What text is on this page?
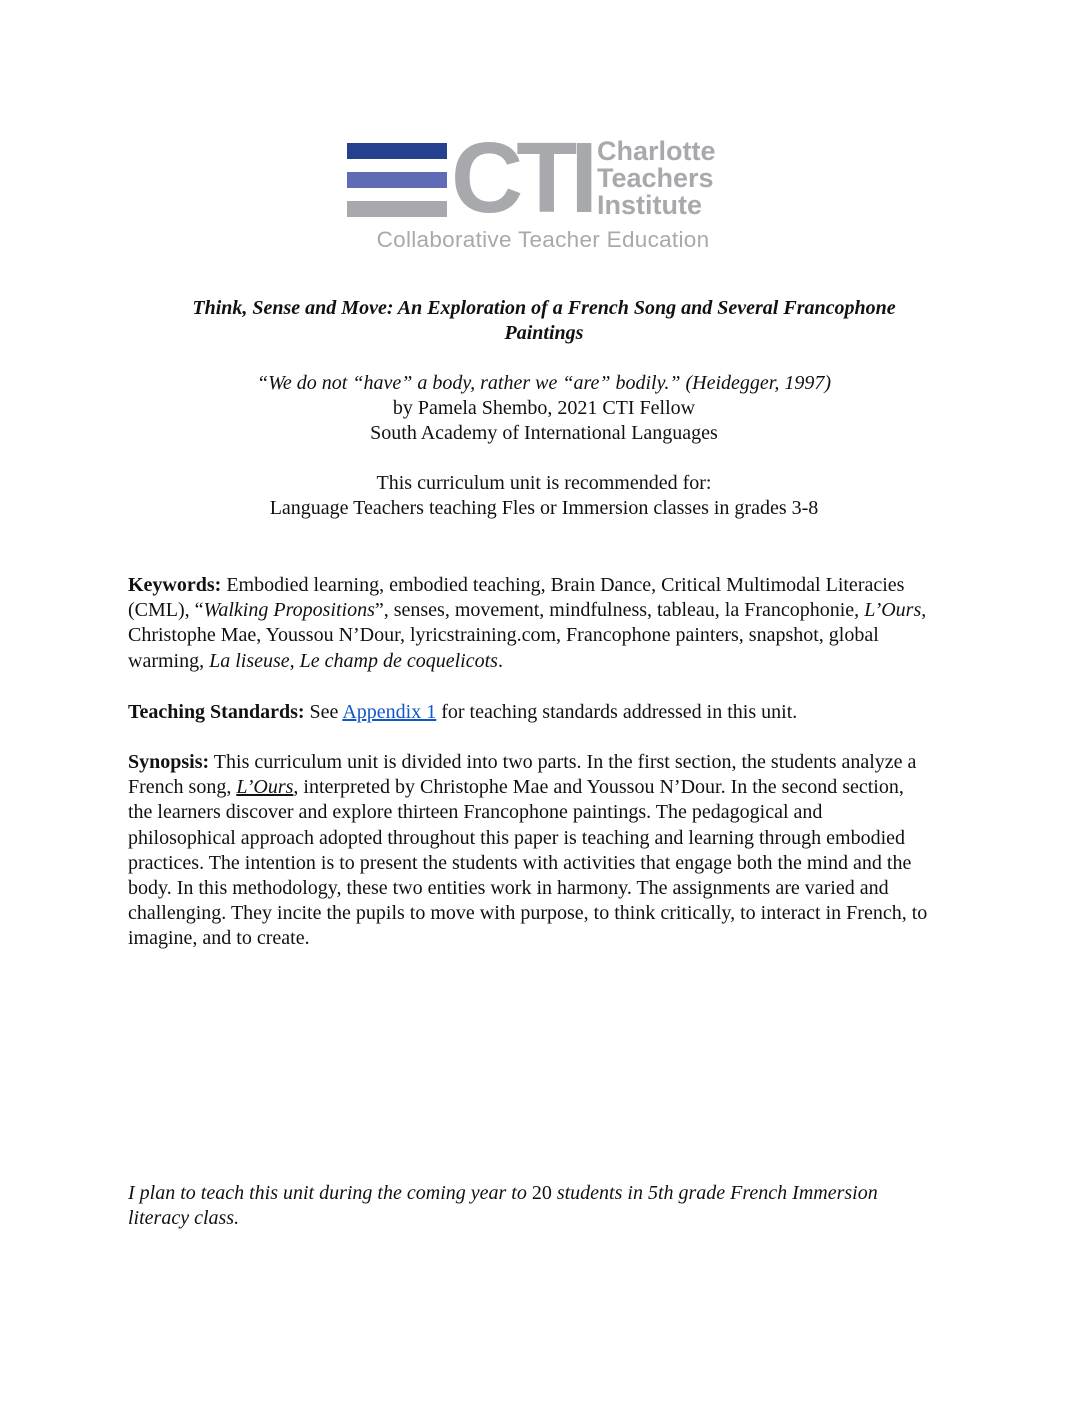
CTI Charlotte
Teachers
Institute
Collaborative Teacher Education
Think, Sense and Move: An Exploration of a French Song and Several Francophone
Paintings
“We do not “have” a body, rather we “are” bodily.” (Heidegger, 1997)
by Pamela Shembo, 2021 CTI Fellow
South Academy of International Languages
This curriculum unit is recommended for:
Language Teachers teaching Fles or Immersion classes in grades 3-8
Keywords: Embodied learning, embodied teaching, Brain Dance, Critical Multimodal Literacies (CML), “Walking Propositions”, senses, movement, mindfulness, tableau, la Francophonie, L’Ours, Christophe Mae, Youssou N’Dour, lyricstraining.com, Francophone painters, snapshot, global warming, La liseuse, Le champ de coquelicots.
Teaching Standards: See Appendix 1 for teaching standards addressed in this unit.
Synopsis: This curriculum unit is divided into two parts. In the first section, the students analyze a French song, L’Ours, interpreted by Christophe Mae and Youssou N’Dour. In the second section, the learners discover and explore thirteen Francophone paintings. The pedagogical and philosophical approach adopted throughout this paper is teaching and learning through embodied practices. The intention is to present the students with activities that engage both the mind and the body. In this methodology, these two entities work in harmony. The assignments are varied and challenging. They incite the pupils to move with purpose, to think critically, to interact in French, to imagine, and to create.
I plan to teach this unit during the coming year to 20 students in 5th grade French Immersion literacy class.
